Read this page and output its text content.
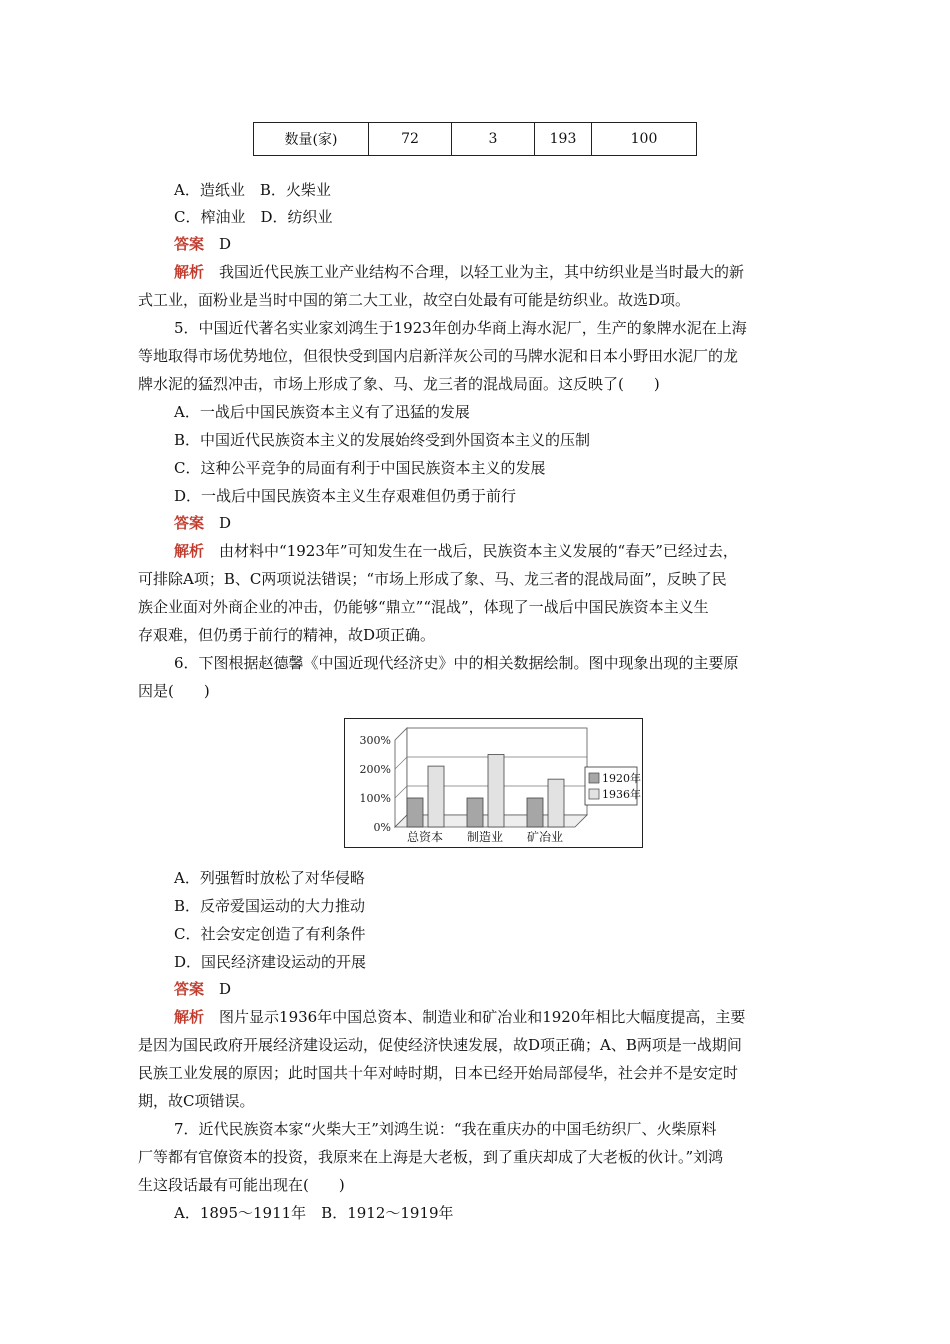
数量(家)	72	3	193	100
A．造纸业　B．火柴业
C．榨油业　D．纺织业
答案　 D
解析　 我国近代民族工业产业结构不合理，以轻工业为主，其中纺织业是当时最大的新
式工业，面粉业是当时中国的第二大工业，故空白处最有可能是纺织业。故选D项。
5．中国近代著名实业家刘鸿生于1923年创办华商上海水泥厂，生产的象牌水泥在上海
等地取得市场优势地位，但很快受到国内启新洋灰公司的马牌水泥和日本小野田水泥厂的龙
牌水泥的猛烈冲击，市场上形成了象、马、龙三者的混战局面。这反映了(　　)
A．一战后中国民族资本主义有了迅猛的发展
B．中国近代民族资本主义的发展始终受到外国资本主义的压制
C．这种公平竞争的局面有利于中国民族资本主义的发展
D．一战后中国民族资本主义生存艰难但仍勇于前行
答案　 D
解析　 由材料中“1923年”可知发生在一战后，民族资本主义发展的“春天”已经过去，
可排除A项；B、C两项说法错误；“市场上形成了象、马、龙三者的混战局面”，反映了民
族企业面对外商企业的冲击，仍能够“鼎立”“混战”，体现了一战后中国民族资本主义生
存艰难，但仍勇于前行的精神，故D项正确。
6．下图根据赵德馨《中国近现代经济史》中的相关数据绘制。图中现象出现的主要原
因是(　　)
300%
200%
100%
0%
总资本 制造业 矿冶业
1920年
1936年
A．列强暂时放松了对华侵略
B．反帝爱国运动的大力推动
C．社会安定创造了有利条件
D．国民经济建设运动的开展
答案　 D
解析　 图片显示1936年中国总资本、制造业和矿冶业和1920年相比大幅度提高，主要
是因为国民政府开展经济建设运动，促使经济快速发展，故D项正确；A、B两项是一战期间
民族工业发展的原因；此时国共十年对峙时期，日本已经开始局部侵华，社会并不是安定时
期，故C项错误。
7．近代民族资本家“火柴大王”刘鸿生说：“我在重庆办的中国毛纺织厂、火柴原料
厂等都有官僚资本的投资，我原来在上海是大老板，到了重庆却成了大老板的伙计。”刘鸿
生这段话最有可能出现在(　　)
A．1895～1911年　B．1912～1919年
